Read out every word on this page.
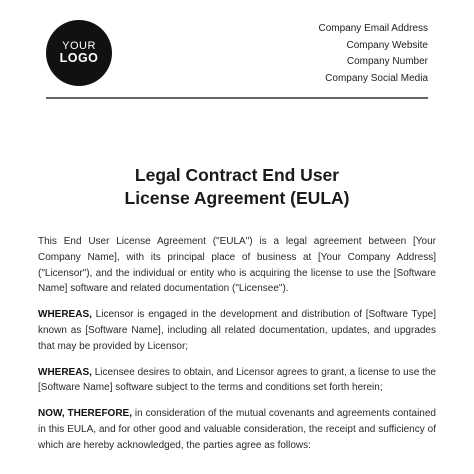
YOUR
LOGO
Company Email Address
Company Website
Company Number
Company Social Media
Legal Contract End User
License Agreement (EULA)

This End User License Agreement ("EULA") is a legal agreement between [Your Company Name], with its principal place of business at [Your Company Address] ("Licensor"), and the individual or entity who is acquiring the license to use the [Software Name] software and related documentation ("Licensee").

WHEREAS, Licensor is engaged in the development and distribution of [Software Type] known as [Software Name], including all related documentation, updates, and upgrades that may be provided by Licensor;

WHEREAS, Licensee desires to obtain, and Licensor agrees to grant, a license to use the [Software Name] software subject to the terms and conditions set forth herein;

NOW, THEREFORE, in consideration of the mutual covenants and agreements contained in this EULA, and for other good and valuable consideration, the receipt and sufficiency of which are hereby acknowledged, the parties agree as follows:
